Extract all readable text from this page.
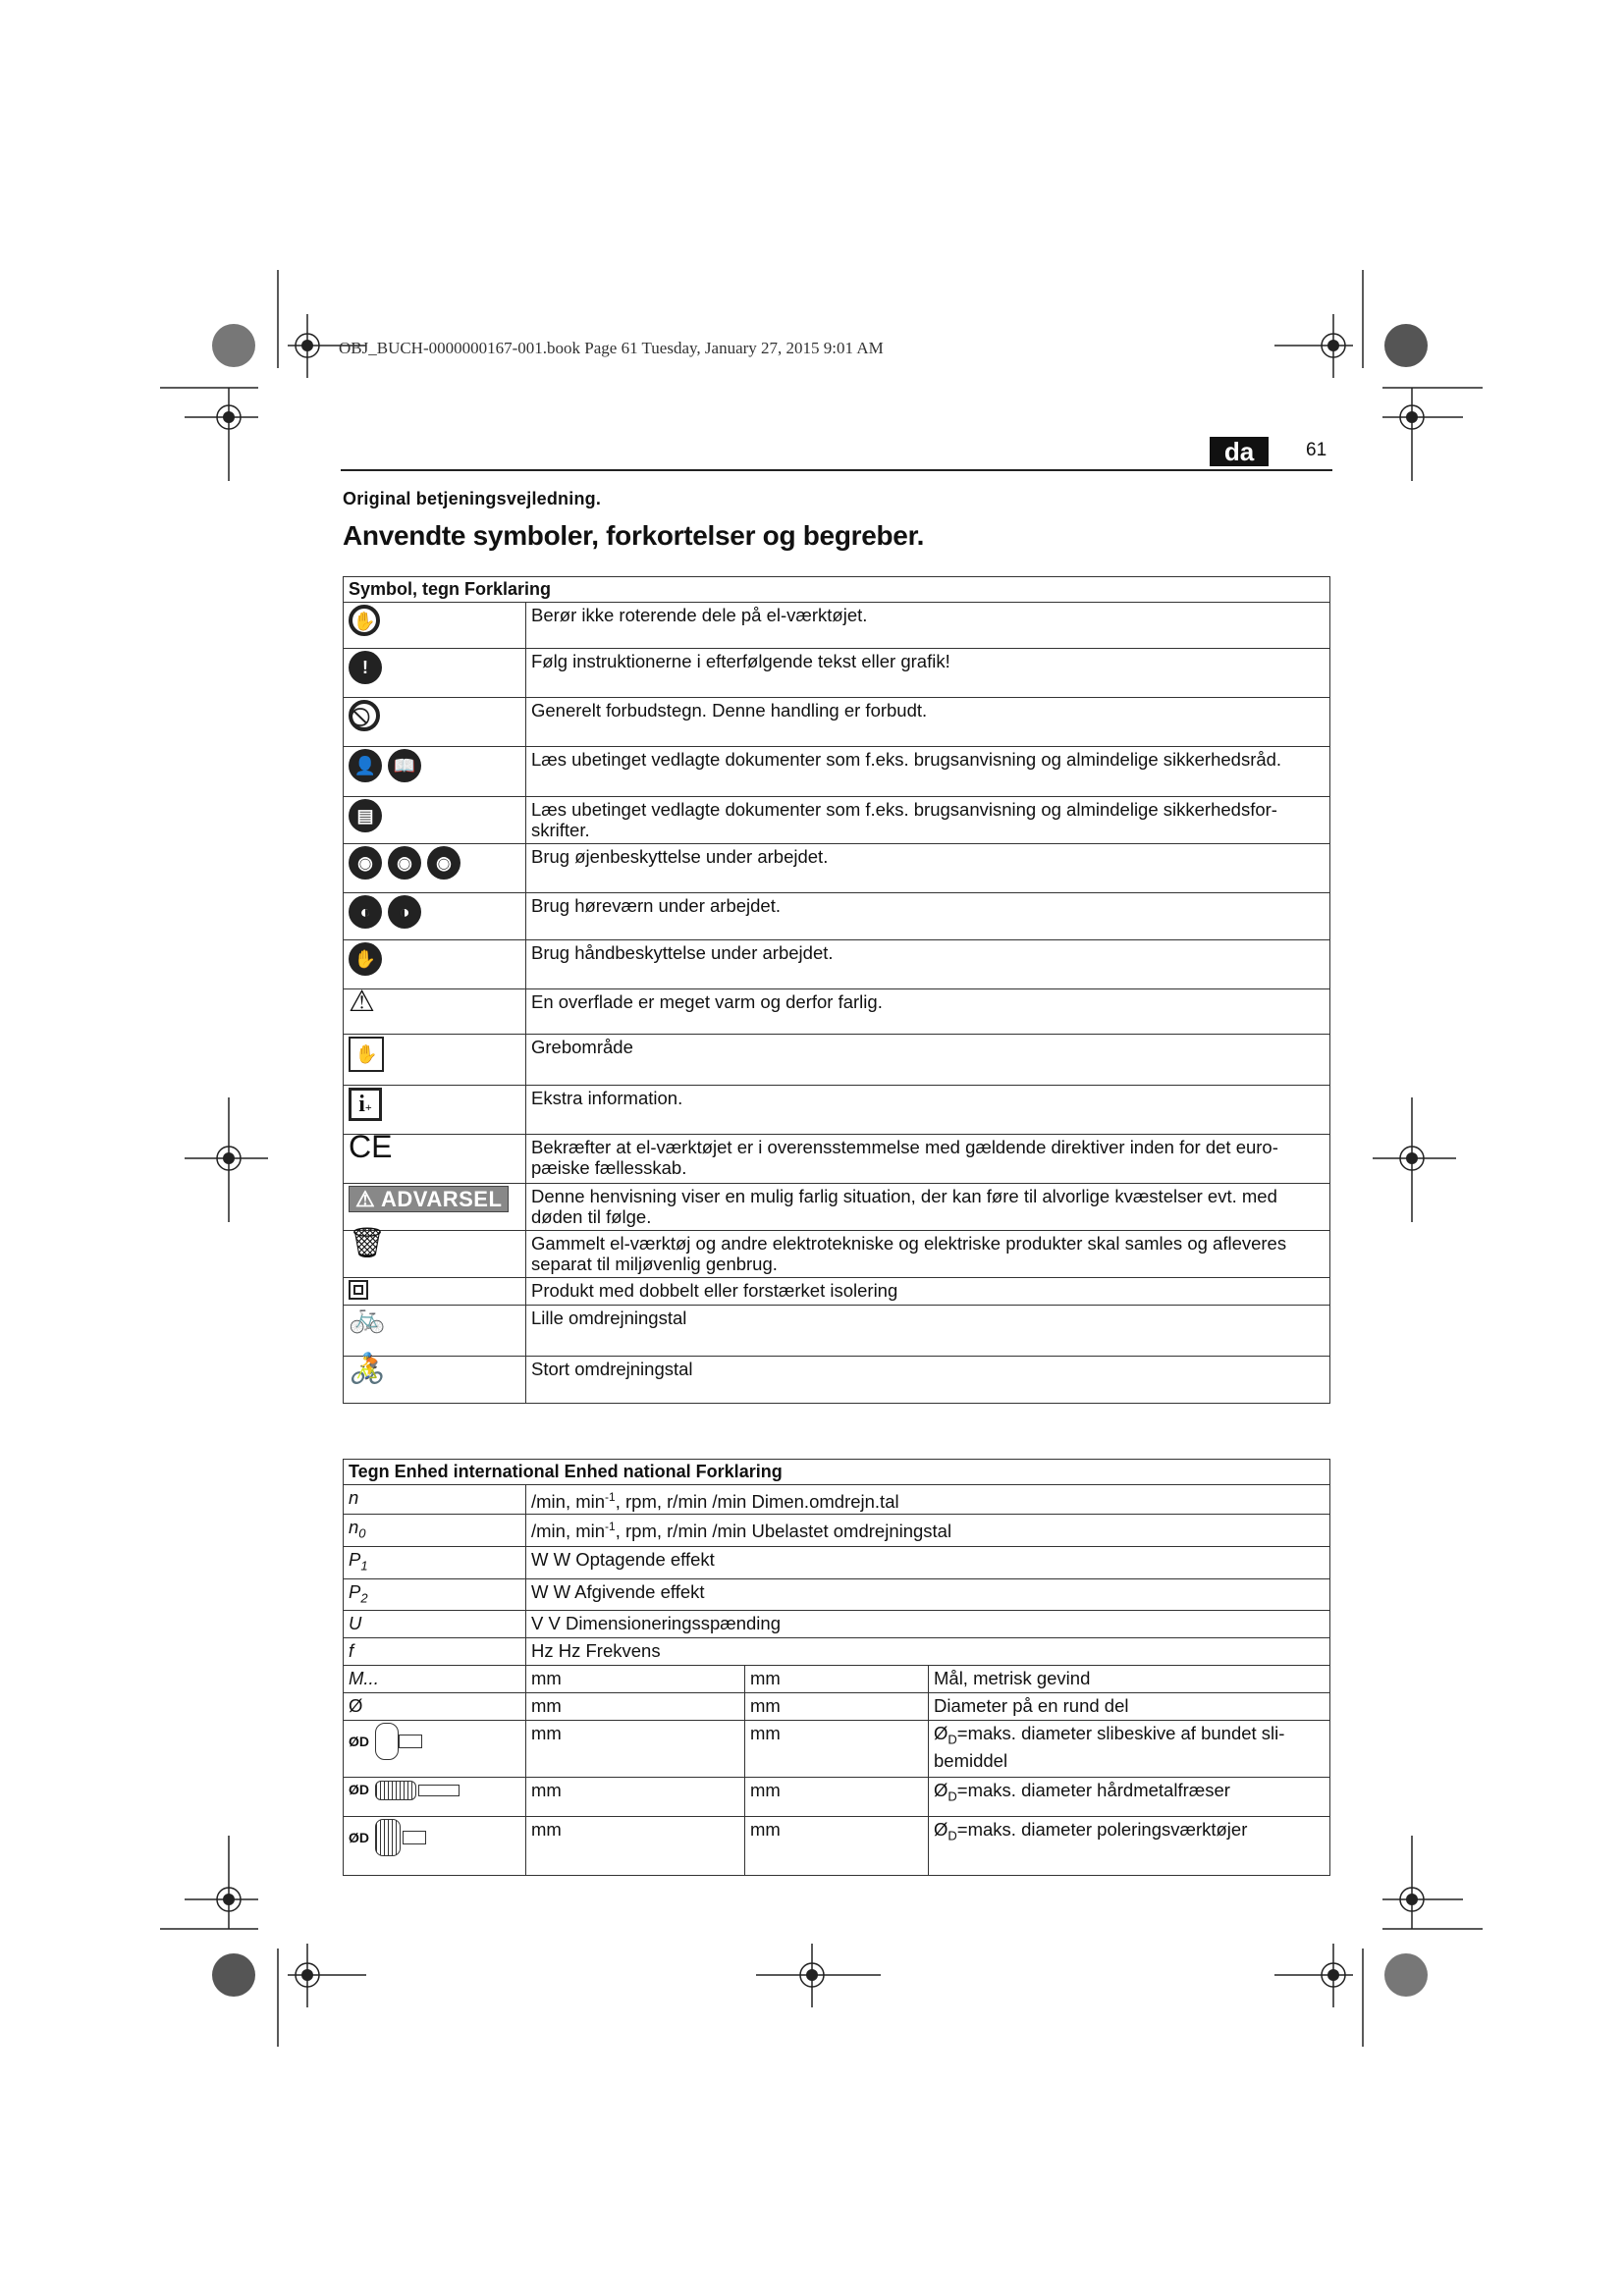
OBJ_BUCH-0000000167-001.book Page 61 Tuesday, January 27, 2015 9:01 AM
da	61
Original betjeningsvejledning.
Anvendte symboler, forkortelser og begreber.
Symbol, tegn Forklaring	

✋	Berør ikke roterende dele på el-værktøjet.

!	Følg instruktionerne i efterfølgende tekst eller grafik!

	Generelt forbudstegn. Denne handling er forbudt.

👤 📖	Læs ubetinget vedlagte dokumenter som f.eks. brugsanvisning og almindelige sikkerhedsråd.

▤	Læs ubetinget vedlagte dokumenter som f.eks. brugsanvisning og almindelige sikkerhedsfor-skrifter.

◉ ◉ ◉	Brug øjenbeskyttelse under arbejdet.

◐ ◑	Brug høreværn under arbejdet.

✋	Brug håndbeskyttelse under arbejdet.

⚠	En overflade er meget varm og derfor farlig.

✋	Grebområde

i+	Ekstra information.

CE	Bekræfter at el-værktøjet er i overensstemmelse med gældende direktiver inden for det euro-pæiske fællesskab.

⚠ ADVARSEL	Denne henvisning viser en mulig farlig situation, der kan føre til alvorlige kvæstelser evt. med døden til følge.

🗑	Gammelt el-værktøj og andre elektrotekniske og elektriske produkter skal samles og afleveres separat til miljøvenlig genbrug.

	Produkt med dobbelt eller forstærket isolering

🚲	Lille omdrejningstal

🚴	Stort omdrejningstal
Tegn Enhed international Enhed national Forklaring			
n	/min, $\min^{-1}$, rpm, r/min /min Dimen.omdrejn.tal		
$n_0$	/min, $\min^{-1}$, rpm, r/min /min Ubelastet omdrejningstal		
$P_1$	W W Optagende effekt		
$P_2$	W W Afgivende effekt		
U	V V Dimensioneringsspænding		
f	Hz Hz Frekvens		
M...	mm	mm	Mål, metrisk gevind
Ø	mm	mm	Diameter på en rund del

ØD	mm	mm	$Ø_D=maks$. diameter slibeskive af bundet sli-bemiddel

ØD	mm	mm	$Ø_D=maks$. diameter hårdmetalfræser

ØD	mm	mm	$Ø_D=maks$. diameter poleringsværktøjer
